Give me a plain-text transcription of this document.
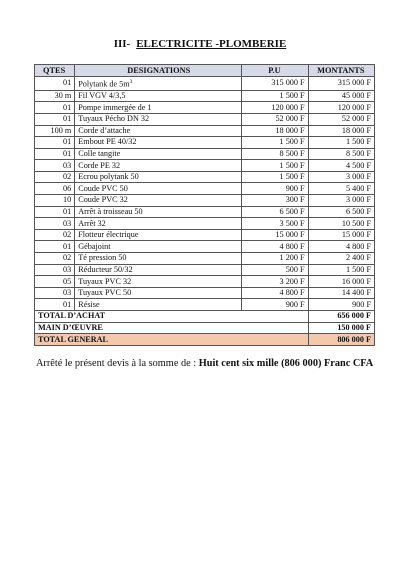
III- ELECTRICITE -PLOMBERIE
QTES	DESIGNATIONS	P.U	MONTANTS
01	Polytank de $5m^3$	315 000 F	315 000 F
30 m	Fil VGV 4/3,5	1 500 F	45 000 F
01	Pompe immergée de 1	120 000 F	120 000 F
01	Tuyaux Pécho DN 32	52 000 F	52 000 F
100 m	Corde d’attache	18 000 F	18 000 F
01	Embout PE 40/32	1 500 F	1 500 F
01	Colle tangite	8 500 F	8 500 F
03	Corde PE 32	1 500 F	4 500 F
02	Ecrou polytank 50	1 500 F	3 000 F
06	Coude PVC 50	900 F	5 400 F
10	Coude PVC 32	300 F	3 000 F
01	Arrêt à troisseau 50	6 500 F	6 500 F
03	Arrêt 32	3 500 F	10 500 F
02	Flotteur électrique	15 000 F	15 000 F
01	Gébajoint	4 800 F	4 800 F
02	Té pression 50	1 200 F	2 400 F
03	Réducteur 50/32	500 F	1 500 F
05	Tuyaux PVC 32	3 200 F	16 000 F
03	Tuyaux PVC 50	4 800 F	14 400 F
01	Résise	900 F	900 F
TOTAL D’ACHAT			656 000 F
MAIN D’ŒUVRE			150 000 F
TOTAL GENERAL			806 000 F
Arrêté le présent devis à la somme de : Huit cent six mille (806 000) Franc CFA
